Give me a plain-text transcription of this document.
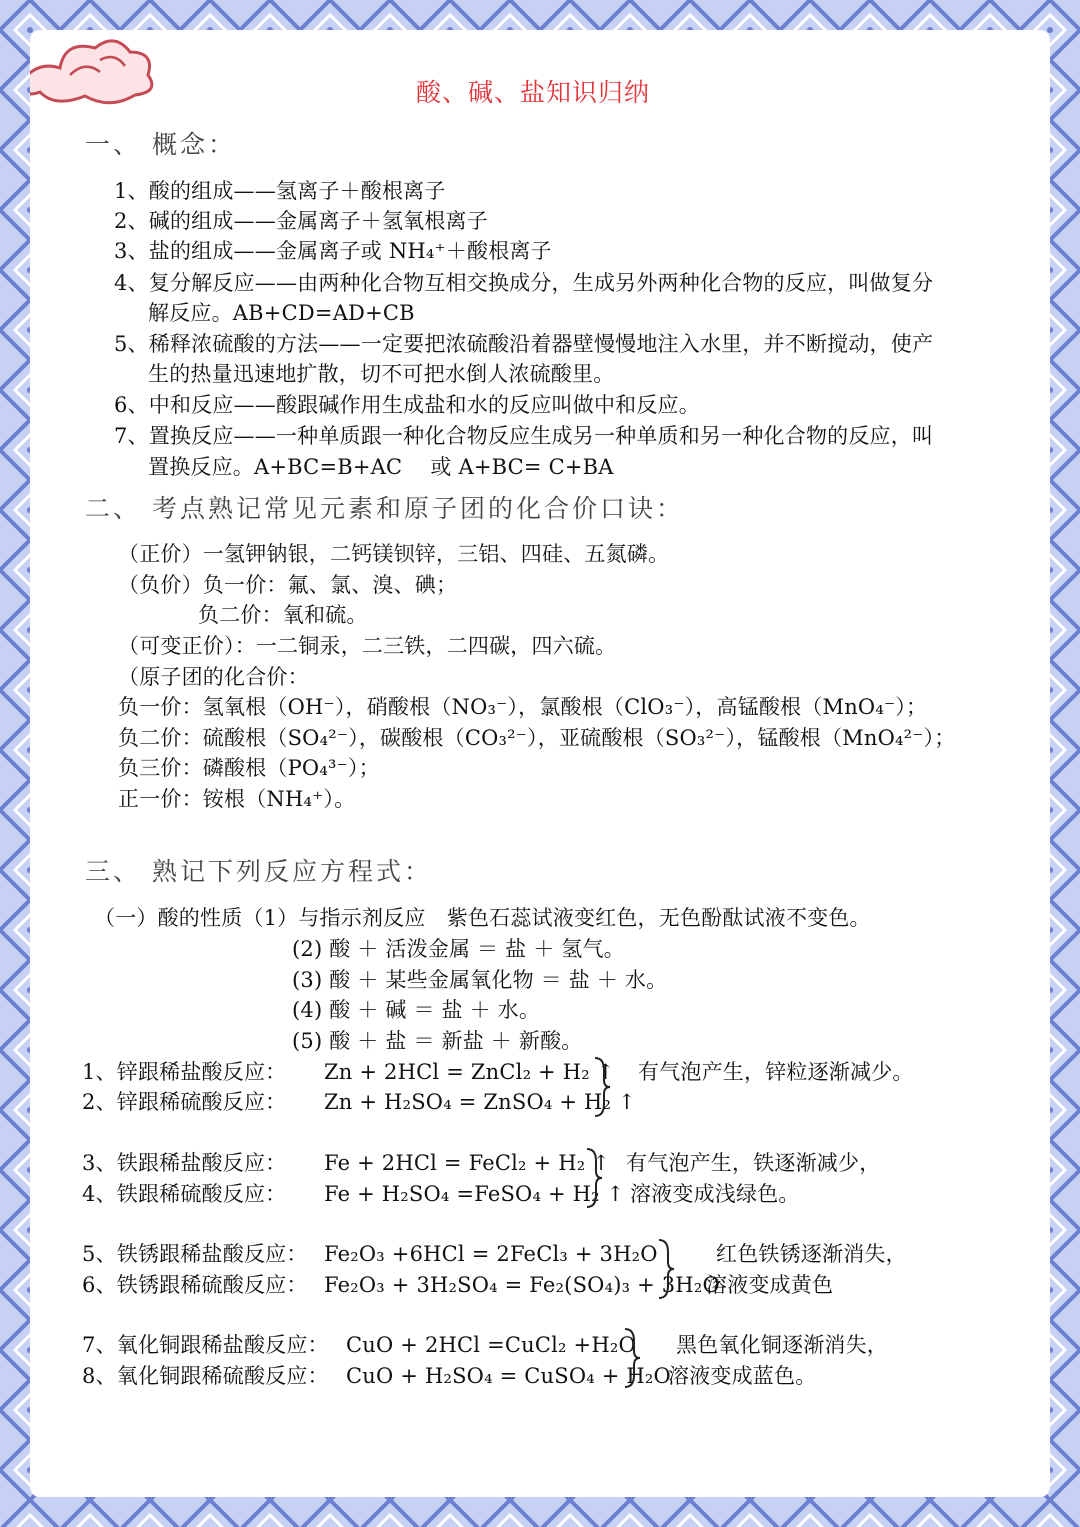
酸、碱、盐知识归纳
一、 概念：
1、酸的组成——氢离子＋酸根离子
2、碱的组成——金属离子＋氢氧根离子
3、盐的组成——金属离子或 NH₄⁺＋酸根离子
4、复分解反应——由两种化合物互相交换成分，生成另外两种化合物的反应，叫做复分
解反应。AB+CD=AD+CB
5、稀释浓硫酸的方法——一定要把浓硫酸沿着器壁慢慢地注入水里，并不断搅动，使产
生的热量迅速地扩散，切不可把水倒人浓硫酸里。
6、中和反应——酸跟碱作用生成盐和水的反应叫做中和反应。
7、置换反应——一种单质跟一种化合物反应生成另一种单质和另一种化合物的反应，叫
置换反应。A+BC=B+AC　 或 A+BC= C+BA
二、 考点熟记常见元素和原子团的化合价口诀：
（正价）一氢钾钠银，二钙镁钡锌，三铝、四硅、五氮磷。
（负价）负一价：氟、氯、溴、碘；
负二价：氧和硫。
（可变正价）：一二铜汞，二三铁，二四碳，四六硫。
（原子团的化合价：
负一价：氢氧根（OH⁻），硝酸根（NO₃⁻），氯酸根（ClO₃⁻），高锰酸根（MnO₄⁻）；
负二价：硫酸根（SO₄²⁻），碳酸根（CO₃²⁻），亚硫酸根（SO₃²⁻），锰酸根（MnO₄²⁻）；
负三价：磷酸根（PO₄³⁻）；
正一价：铵根（NH₄⁺）。
三、 熟记下列反应方程式：
（一）酸的性质（1）与指示剂反应　紫色石蕊试液变红色，无色酚酞试液不变色。
(2) 酸 ＋ 活泼金属 ＝ 盐 ＋ 氢气。
(3) 酸 ＋ 某些金属氧化物 ＝ 盐 ＋ 水。
(4) 酸 ＋ 碱 ＝ 盐 ＋ 水。
(5) 酸 ＋ 盐 ＝ 新盐 ＋ 新酸。
1、锌跟稀盐酸反应： Zn + 2HCl = ZnCl₂ + H₂ ↑
2、锌跟稀硫酸反应： Zn + H₂SO₄ = ZnSO₄ + H₂ ↑
有气泡产生，锌粒逐渐减少。
3、铁跟稀盐酸反应： Fe + 2HCl = FeCl₂ + H₂ ↑
4、铁跟稀硫酸反应： Fe + H₂SO₄ =FeSO₄ + H₂ ↑
有气泡产生，铁逐渐减少，
溶液变成浅绿色。
5、铁锈跟稀盐酸反应： Fe₂O₃ +6HCl = 2FeCl₃ + 3H₂O
6、铁锈跟稀硫酸反应： Fe₂O₃ + 3H₂SO₄ = Fe₂(SO₄)₃ + 3H₂O
红色铁锈逐渐消失，
溶液变成黄色
7、氧化铜跟稀盐酸反应： CuO + 2HCl =CuCl₂ +H₂O
8、氧化铜跟稀硫酸反应： CuO + H₂SO₄ = CuSO₄ + H₂O
黑色氧化铜逐渐消失，
溶液变成蓝色。
